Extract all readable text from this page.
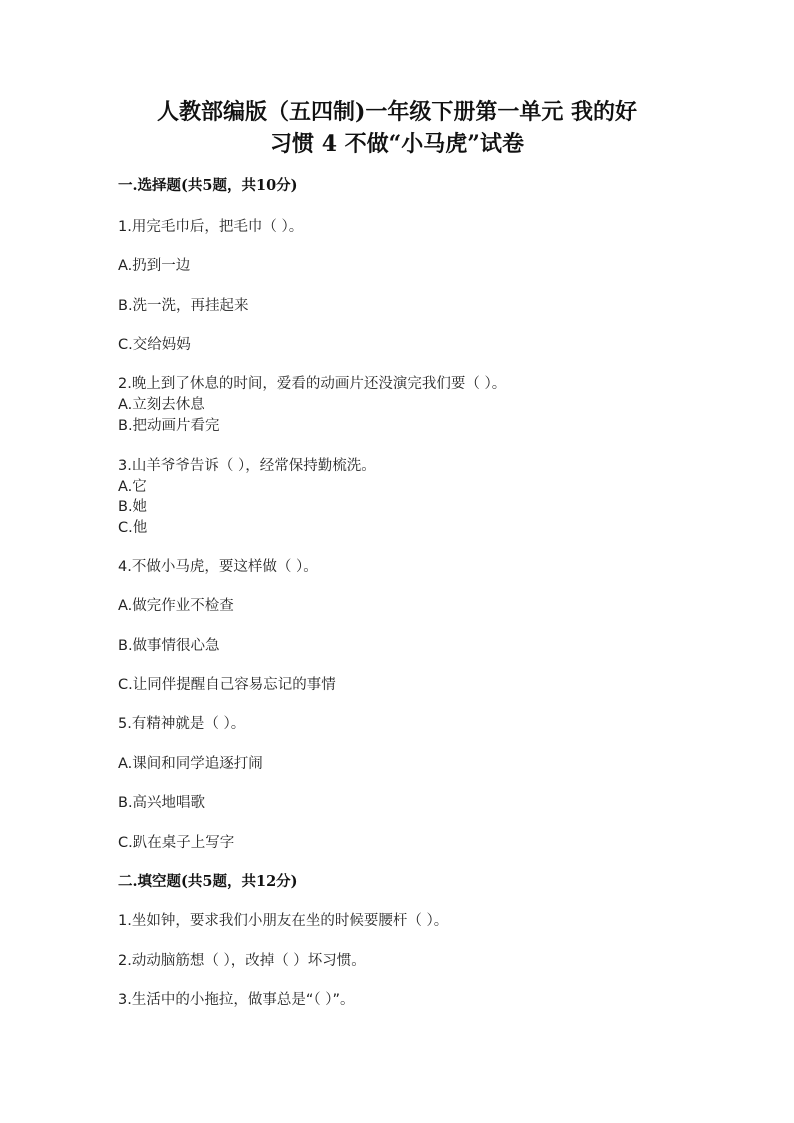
人教部编版（五四制)一年级下册第一单元 我的好
习惯 4 不做“小马虎”试卷
一.选择题(共5题，共10分)
1.用完毛巾后，把毛巾（ ）。
A.扔到一边
B.洗一洗，再挂起来
C.交给妈妈
2.晚上到了休息的时间，爱看的动画片还没演完我们要（ ）。
A.立刻去休息
B.把动画片看完
3.山羊爷爷告诉（ ），经常保持勤梳洗。
A.它
B.她
C.他
4.不做小马虎，要这样做（ ）。
A.做完作业不检查
B.做事情很心急
C.让同伴提醒自己容易忘记的事情
5.有精神就是（ ）。
A.课间和同学追逐打闹
B.高兴地唱歌
C.趴在桌子上写字
二.填空题(共5题，共12分)
1.坐如钟，要求我们小朋友在坐的时候要腰杆（ ）。
2.动动脑筋想（ ），改掉（ ）坏习惯。
3.生活中的小拖拉，做事总是“（ ）”。
